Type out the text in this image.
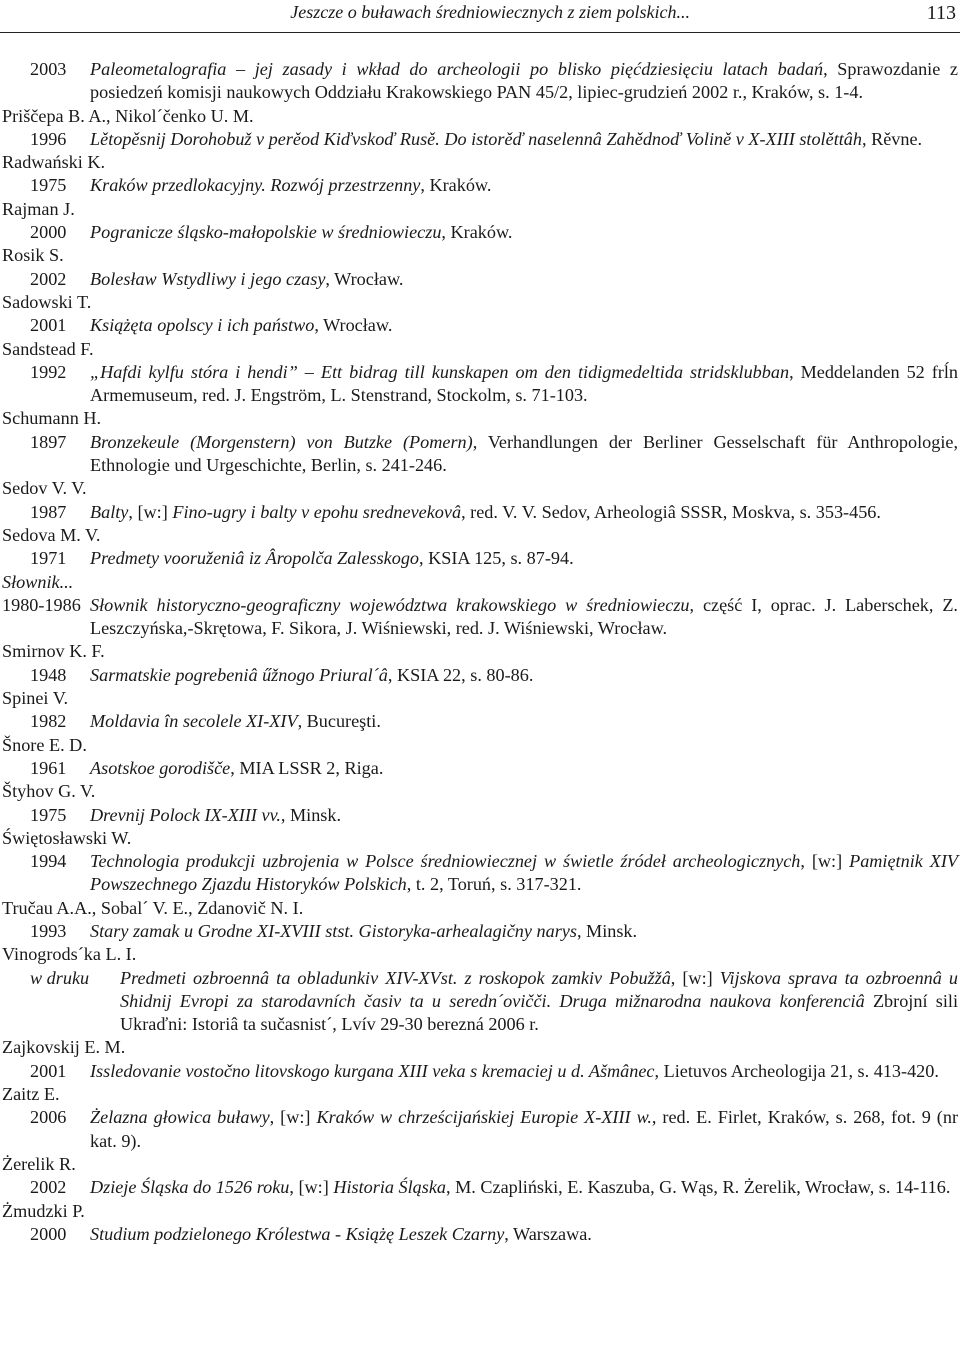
Jeszcze o buławach średniowiecznych z ziem polskich...	113
2003	Paleometalografia – jej zasady i wkład do archeologii po blisko pięćdziesięciu latach badań, Sprawozdanie z posiedzeń komisji naukowych Oddziału Krakowskiego PAN 45/2, lipiec-grudzień 2002 r., Kraków, s. 1-4.
Priščepa B. A., Nikol´čenko U. M.
1996	Lětopěsnij Dorohobuž v perěod Kiďvskoď Rusě. Do istorěď naselennâ Zahědnoď Volině v X-XIII stolěttâh, Rěvne.
Radwański K.
1975	Kraków przedlokacyjny. Rozwój przestrzenny, Kraków.
Rajman J.
2000	Pogranicze śląsko-małopolskie w średniowieczu, Kraków.
Rosik S.
2002	Bolesław Wstydliwy i jego czasy, Wrocław.
Sadowski T.
2001	Książęta opolscy i ich państwo, Wrocław.
Sandstead F.
1992	„Hafdi kylfu stóra i hendi” – Ett bidrag till kunskapen om den tidigmedeltida stridsklubban, Meddelanden 52 frĺn Armemuseum, red. J. Engström, L. Stenstrand, Stockolm, s. 71-103.
Schumann H.
1897	Bronzekeule (Morgenstern) von Butzke (Pomern), Verhandlungen der Berliner Gesselschaft für Anthropologie, Ethnologie und Urgeschichte, Berlin, s. 241-246.
Sedov V. V.
1987	Balty, [w:] Fino-ugry i balty v epohu srednevekovâ, red. V. V. Sedov, Arheologiâ SSSR, Moskva, s. 353-456.
Sedova M. V.
1971	Predmety vooruženiâ iz Âropolča Zalesskogo, KSIA 125, s. 87-94.
Słownik...
1980-1986 Słownik historyczno-geograficzny województwa krakowskiego w średniowieczu, część I, oprac. J. Laberschek, Z. Leszczyńska,-Skrętowa, F. Sikora, J. Wiśniewski, red. J. Wiśniewski, Wrocław.
Smirnov K. F.
1948	Sarmatskie pogrebeniâ űžnogo Priural´â, KSIA 22, s. 80-86.
Spinei V.
1982	Moldavia în secolele XI-XIV, Bucureşti.
Šnore E. D.
1961	Asotskoe gorodišče, MIA LSSR 2, Riga.
Štyhov G. V.
1975	Drevnij Polock IX-XIII vv., Minsk.
Świętosławski W.
1994	Technologia produkcji uzbrojenia w Polsce średniowiecznej w świetle źródeł archeologicznych, [w:] Pamiętnik XIV Powszechnego Zjazdu Historyków Polskich, t. 2, Toruń, s. 317-321.
Tručau A.A., Sobal´ V. E., Zdanovič N. I.
1993	Stary zamak u Grodne XI-XVIII stst. Gistoryka-arhealagičny narys, Minsk.
Vinogrods´ka L. I.
w druku	Predmeti ozbroennâ ta obladunkiv XIV-XVst. z roskopok zamkiv Pobužžâ, [w:] Vijskova sprava ta ozbroennâ u Shidnij Evropi za starodavních časiv ta u seredn´ovičči. Druga mižnarodna naukova konferenciâ Zbrojní sili Ukraďni: Istoriâ ta sučasnist´, Lvív 29-30 berezná 2006 r.
Zajkovskij E. M.
2001	Issledovanie vostočno litovskogo kurgana XIII veka s kremaciej u d. Ašmânec, Lietuvos Archeologija 21, s. 413-420.
Zaitz E.
2006	Żelazna głowica buławy, [w:] Kraków w chrześcijańskiej Europie X-XIII w., red. E. Firlet, Kraków, s. 268, fot. 9 (nr kat. 9).
Żerelik R.
2002	Dzieje Śląska do 1526 roku, [w:] Historia Śląska, M. Czapliński, E. Kaszuba, G. Wąs, R. Żerelik, Wrocław, s. 14-116.
Żmudzki P.
2000	Studium podzielonego Królestwa - Książę Leszek Czarny, Warszawa.
